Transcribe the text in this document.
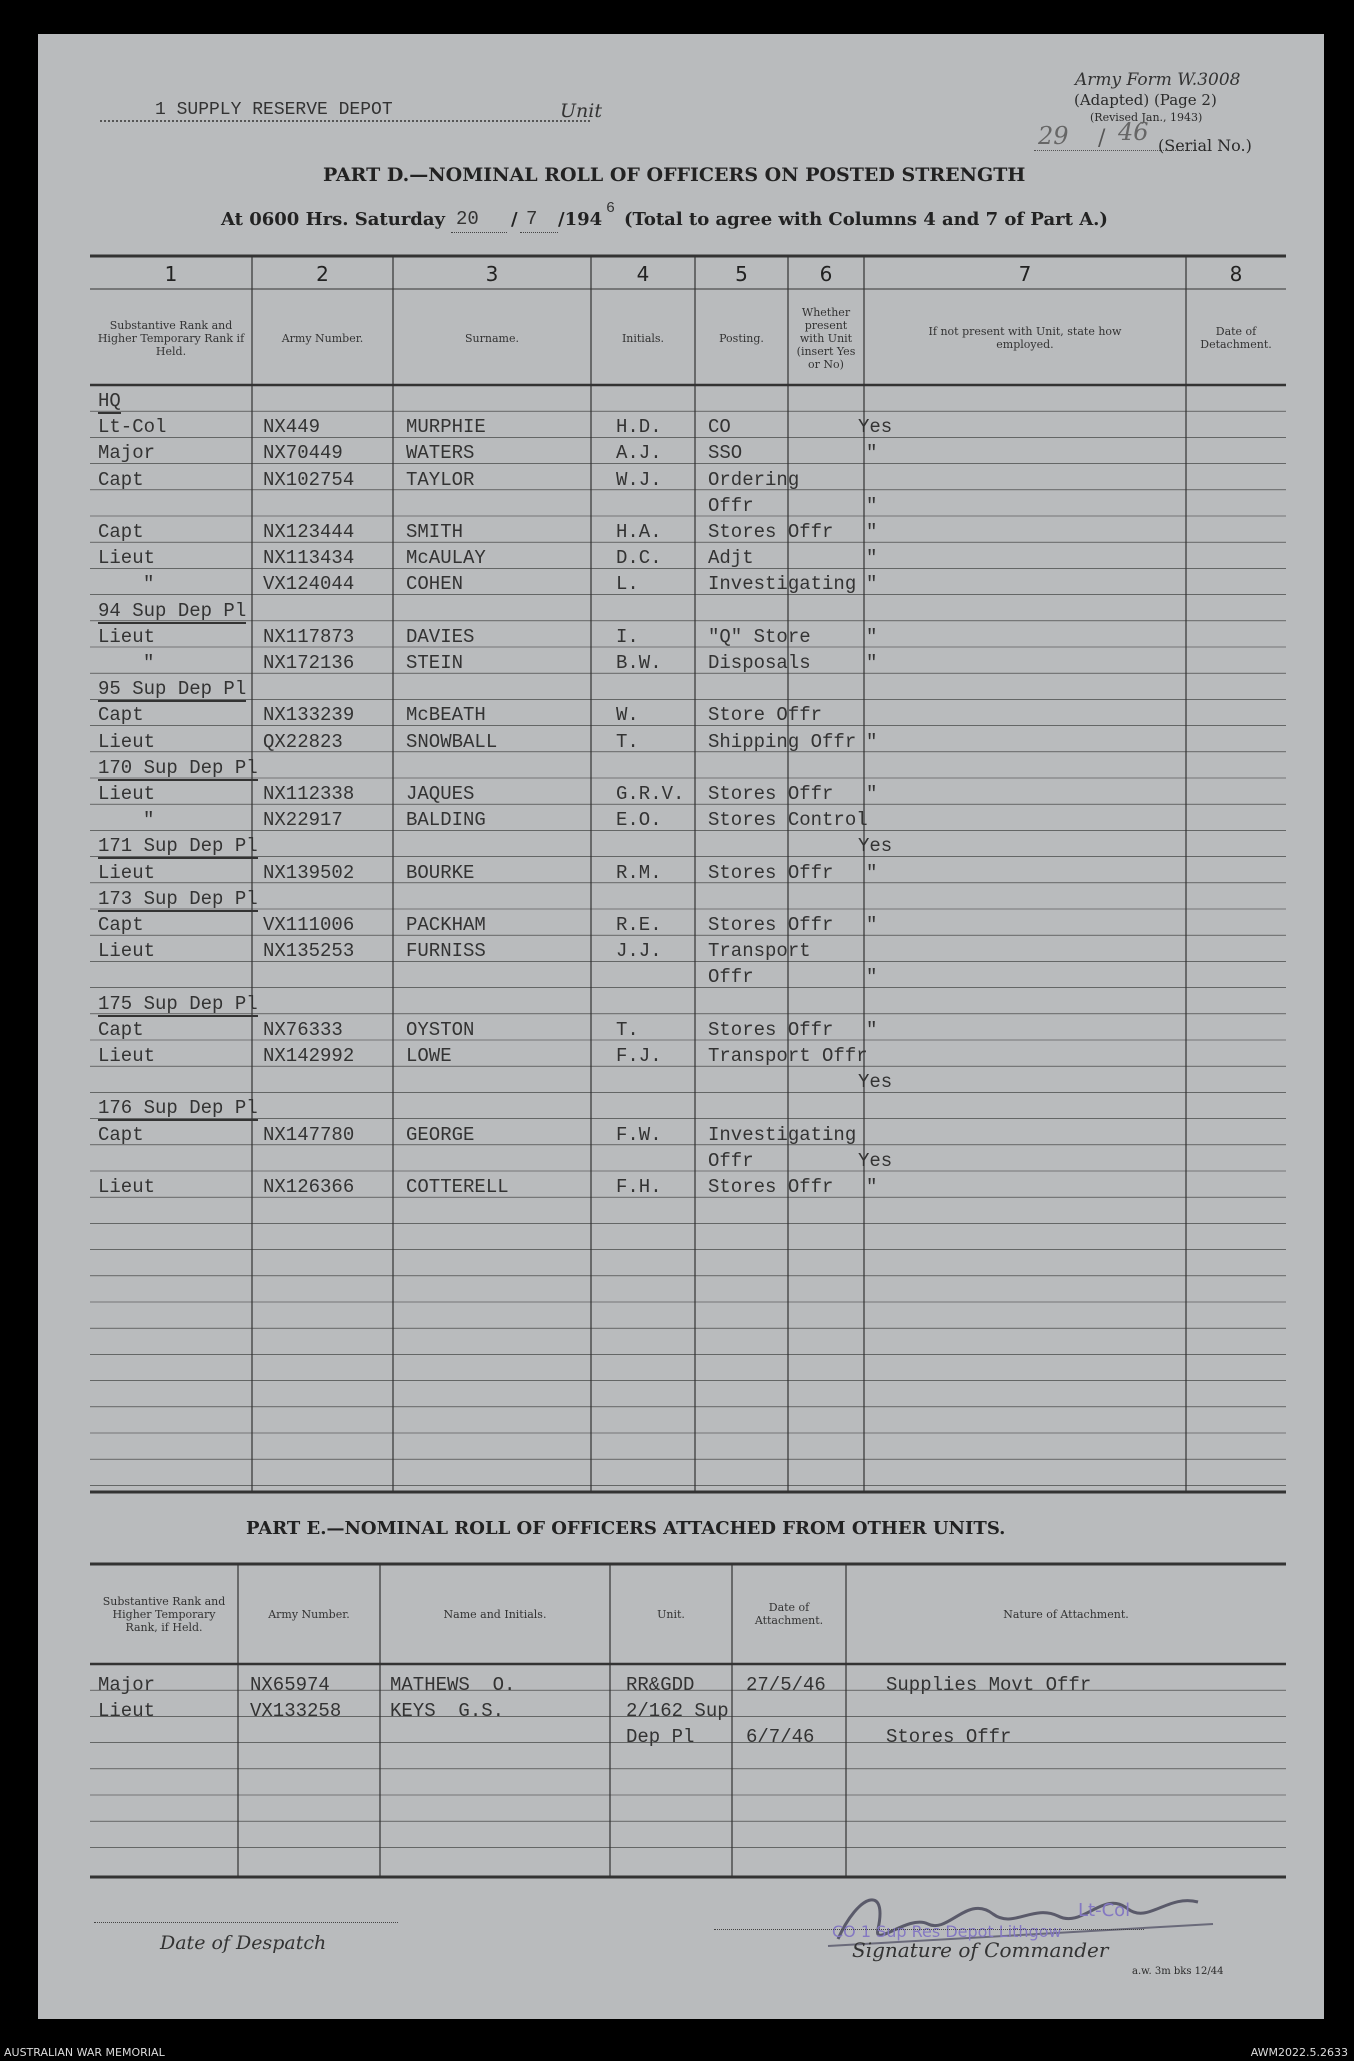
Army Form W.3008
(Adapted) (Page 2)
(Revised Jan., 1943)
1 SUPPLY RESERVE DEPOT	Unit
29 / 46 (Serial No.)
PART D.—NOMINAL ROLL OF OFFICERS ON POSTED STRENGTH
At 0600 Hrs. Saturday 20 / 7 /194
6
(Total to agree with Columns 4 and 7 of Part A.)
1	2	3	4	5	6	7	8
Substantive Rank and Higher Temporary Rank if Held.
Army Number.	Surname.	Initials.	Posting.
Whether present with Unit (insert Yes or No)
If not present with Unit, state how employed.
Date of Detachment.
HQ
Lt-Col	NX449	MURPHIE	H.D. CO	Yes
Major	NX70449	WATERS	A.J. SSO	"
Capt	NX102754	TAYLOR	W.J. Ordering
Offr	"
Capt	NX123444	SMITH	H.A. Stores Offr "
Lieut	NX113434	McAULAY	D.C. Adjt	"
"	VX124044	COHEN	L.	Investigating "
94 Sup Dep Pl
Lieut	NX117873	DAVIES	I.	"Q" Store	"
"	NX172136	STEIN	B.W. Disposals	"
95 Sup Dep Pl
Capt	NX133239	McBEATH	W.	Store Offr
Lieut	QX22823	SNOWBALL	T.	Shipping Offr "
170 Sup Dep Pl
Lieut	NX112338	JAQUES	G.R.V. Stores Offr "
"	NX22917	BALDING	E.O. Stores Control
171 Sup Dep Pl	Yes
Lieut	NX139502	BOURKE	R.M. Stores Offr "
173 Sup Dep Pl
Capt	VX111006	PACKHAM	R.E. Stores Offr "
Lieut	NX135253	FURNISS	J.J. Transport
Offr	"
175 Sup Dep Pl
Capt	NX76333	OYSTON	T.	Stores Offr "
Lieut	NX142992	LOWE	F.J. Transport Offr
Yes
176 Sup Dep Pl
Capt	NX147780	GEORGE	F.W. Investigating
Offr	Yes
Lieut	NX126366	COTTERELL	F.H. Stores Offr "
PART E.—NOMINAL ROLL OF OFFICERS ATTACHED FROM OTHER UNITS.
Substantive Rank and Higher Temporary Rank, if Held.
Army Number.	Name and Initials.	Unit.	Date of Attachment.	Nature of Attachment.
Major	NX65974	MATHEWS  O.	RR&GDD	27/5/46	Supplies Movt Offr
Lieut	VX133258	KEYS  G.S.	2/162 Sup
Dep Pl	6/7/46	Stores Offr
Lt-Col
CO 1 Sup Res Depot Lithgow
Date of Despatch	Signature of Commander
a.w. 3m bks 12/44
AUSTRALIAN WAR MEMORIAL	AWM2022.5.2633
